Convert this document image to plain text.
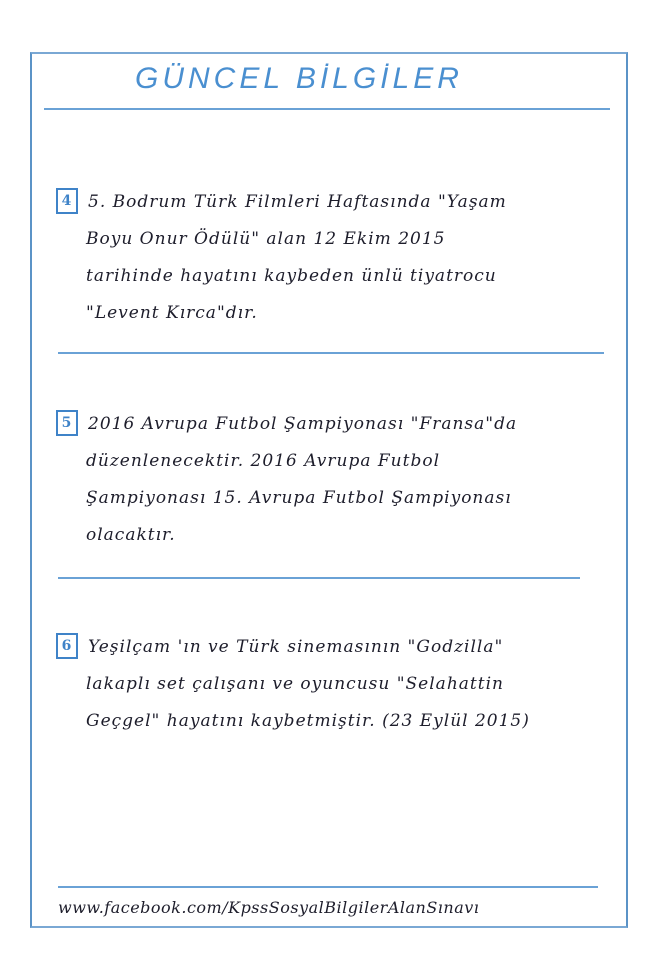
GÜNCEL BİLGİLER
4 5. Bodrum Türk Filmleri Haftasında "Yaşam
Boyu Onur Ödülü" alan 12 Ekim 2015
tarihinde hayatını kaybeden ünlü tiyatrocu
"Levent Kırca"dır.
5 2016 Avrupa Futbol Şampiyonası "Fransa"da
düzenlenecektir. 2016 Avrupa Futbol
Şampiyonası 15. Avrupa Futbol Şampiyonası
olacaktır.
6 Yeşilçam 'ın ve Türk sinemasının "Godzilla"
lakaplı set çalışanı ve oyuncusu "Selahattin
Geçgel" hayatını kaybetmiştir. (23 Eylül 2015)
www.facebook.com/KpssSosyalBilgilerAlanSınavı
